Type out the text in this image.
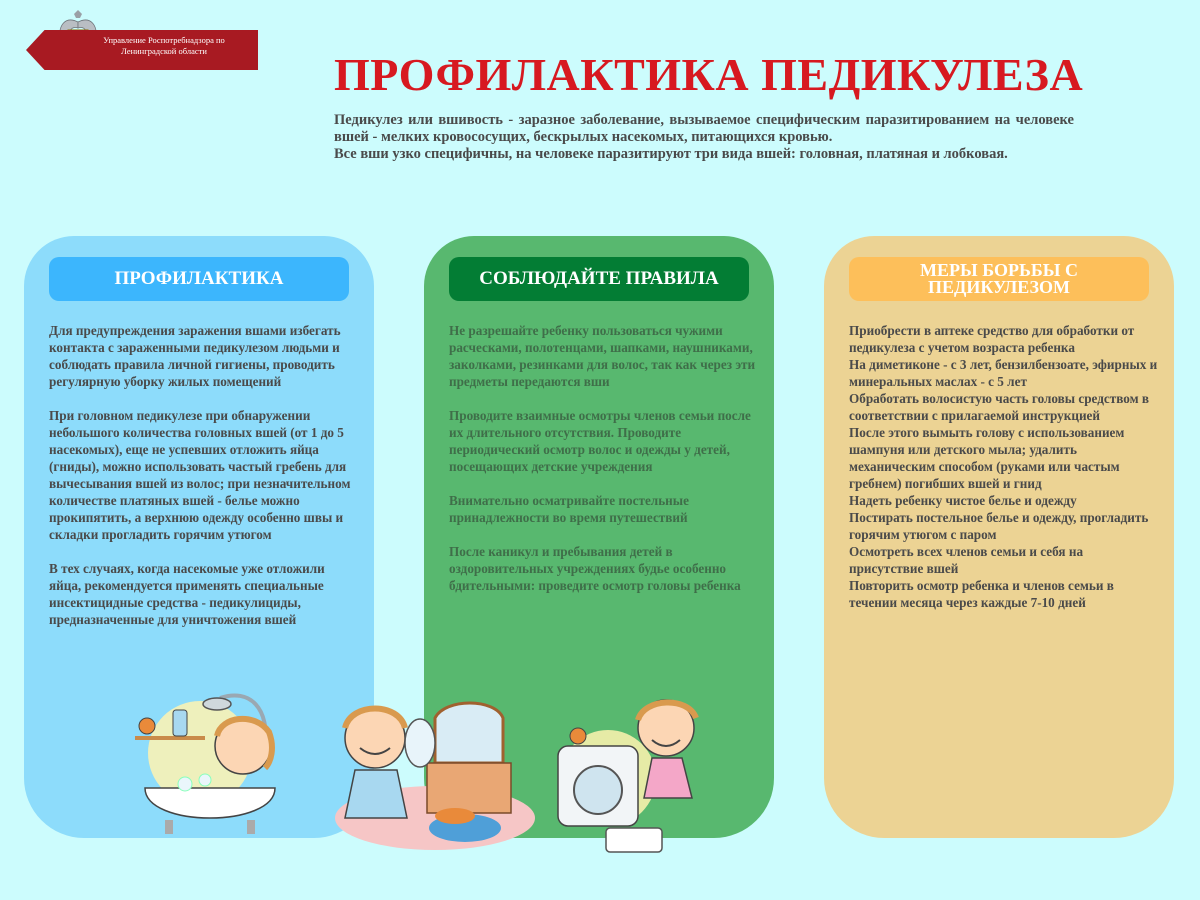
Управление Роспотребнадзора по
Ленинградской области	ПРОФИЛАКТИКА ПЕДИКУЛЕЗА

Педикулез или вшивость - заразное заболевание, вызываемое специфическим паразитированием на человеке вшей - мелких кровососущих, бескрылых насекомых, питающихся кровью.

Все вши узко специфичны, на человеке паразитируют три вида вшей: головная, платяная и лобковая.

ПРОФИЛАКТИКА

Для предупреждения заражения вшами избегать контакта с зараженными педикулезом людьми и соблюдать правила личной гигиены, проводить регулярную уборку жилых помещений

При головном педикулезе при обнаружении небольшого количества головных вшей (от 1 до 5 насекомых), еще не успевших отложить яйца (гниды), можно использовать частый гребень для вычесывания вшей из волос; при незначительном количестве платяных вшей - белье можно прокипятить, а верхнюю одежду особенно швы и складки прогладить горячим утюгом

В тех случаях, когда насекомые уже отложили яйца, рекомендуется применять специальные инсектицидные средства - педикулициды, предназначенные для уничтожения вшей

СОБЛЮДАЙТЕ ПРАВИЛА

Не разрешайте ребенку пользоваться чужими расческами, полотенцами, шапками, наушниками, заколками, резинками для волос, так как через эти предметы передаются вши

Проводите взаимные осмотры членов семьи после их длительного отсутствия. Проводите периодический осмотр волос и одежды у детей, посещающих детские учреждения

Внимательно осматривайте постельные принадлежности во время путешествий

После каникул и пребывания детей в оздоровительных учреждениях будье особенно бдительными: проведите осмотр головы ребенка

МЕРЫ БОРЬБЫ С
ПЕДИКУЛЕЗОМ

Приобрести в аптеке средство для обработки от педикулеза с учетом возраста ребенка

На диметиконе - с 3 лет, бензилбензоате, эфирных и минеральных маслах - с 5 лет

Обработать волосистую часть головы средством в соответствии с прилагаемой инструкцией

После этого вымыть голову с использованием шампуня или детского мыла; удалить механическим способом (руками или частым гребнем) погибших вшей и гнид

Надеть ребенку чистое белье и одежду

Постирать постельное белье и одежду, прогладить горячим утюгом с паром

Осмотреть всех членов семьи и себя на присутствие вшей

Повторить осмотр ребенка и членов семьи в течении месяца через каждые 7-10 дней
